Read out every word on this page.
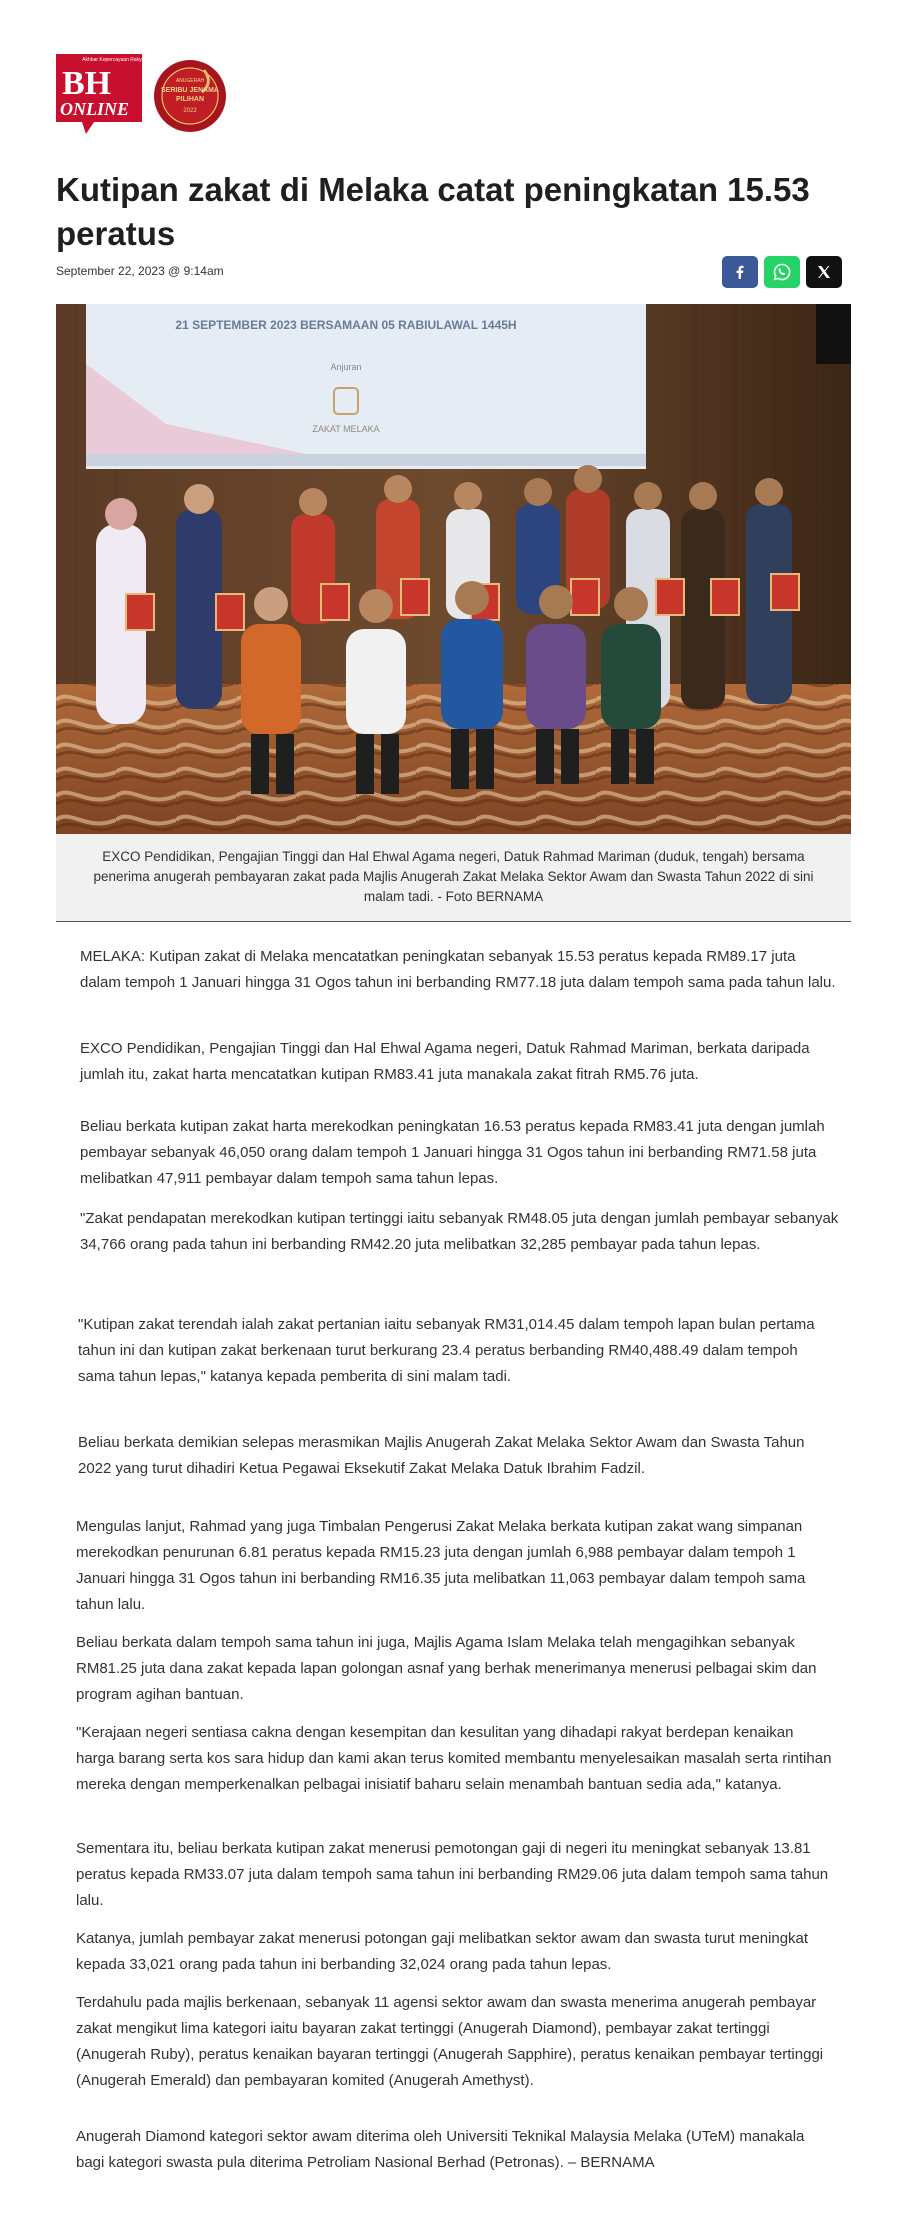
Akhbar Kepercayaan Rakyat
BH
ONLINE
ANUGERAH
SERIBU JENAMA
PILIHAN
2022
Kutipan zakat di Melaka catat peningkatan 15.53 peratus
September 22, 2023 @ 9:14am
21 SEPTEMBER 2023 BERSAMAAN 05 RABIULAWAL 1445H
Anjuran
ZAKAT MELAKA
EXCO Pendidikan, Pengajian Tinggi dan Hal Ehwal Agama negeri, Datuk Rahmad Mariman (duduk, tengah) bersama penerima anugerah pembayaran zakat pada Majlis Anugerah Zakat Melaka Sektor Awam dan Swasta Tahun 2022 di sini malam tadi. - Foto BERNAMA

MELAKA: Kutipan zakat di Melaka mencatatkan peningkatan sebanyak 15.53 peratus kepada RM89.17 juta dalam tempoh 1 Januari hingga 31 Ogos tahun ini berbanding RM77.18 juta dalam tempoh sama pada tahun lalu.

EXCO Pendidikan, Pengajian Tinggi dan Hal Ehwal Agama negeri, Datuk Rahmad Mariman, berkata daripada jumlah itu, zakat harta mencatatkan kutipan RM83.41 juta manakala zakat fitrah RM5.76 juta.

Beliau berkata kutipan zakat harta merekodkan peningkatan 16.53 peratus kepada RM83.41 juta dengan jumlah pembayar sebanyak 46,050 orang dalam tempoh 1 Januari hingga 31 Ogos tahun ini berbanding RM71.58 juta melibatkan 47,911 pembayar dalam tempoh sama tahun lepas.

"Zakat pendapatan merekodkan kutipan tertinggi iaitu sebanyak RM48.05 juta dengan jumlah pembayar sebanyak 34,766 orang pada tahun ini berbanding RM42.20 juta melibatkan 32,285 pembayar pada tahun lepas.

"Kutipan zakat terendah ialah zakat pertanian iaitu sebanyak RM31,014.45 dalam tempoh lapan bulan pertama tahun ini dan kutipan zakat berkenaan turut berkurang 23.4 peratus berbanding RM40,488.49 dalam tempoh sama tahun lepas," katanya kepada pemberita di sini malam tadi.

Beliau berkata demikian selepas merasmikan Majlis Anugerah Zakat Melaka Sektor Awam dan Swasta Tahun 2022 yang turut dihadiri Ketua Pegawai Eksekutif Zakat Melaka Datuk Ibrahim Fadzil.

Mengulas lanjut, Rahmad yang juga Timbalan Pengerusi Zakat Melaka berkata kutipan zakat wang simpanan merekodkan penurunan 6.81 peratus kepada RM15.23 juta dengan jumlah 6,988 pembayar dalam tempoh 1 Januari hingga 31 Ogos tahun ini berbanding RM16.35 juta melibatkan 11,063 pembayar dalam tempoh sama tahun lalu.

Beliau berkata dalam tempoh sama tahun ini juga, Majlis Agama Islam Melaka telah mengagihkan sebanyak RM81.25 juta dana zakat kepada lapan golongan asnaf yang berhak menerimanya menerusi pelbagai skim dan program agihan bantuan.

"Kerajaan negeri sentiasa cakna dengan kesempitan dan kesulitan yang dihadapi rakyat berdepan kenaikan harga barang serta kos sara hidup dan kami akan terus komited membantu menyelesaikan masalah serta rintihan mereka dengan memperkenalkan pelbagai inisiatif baharu selain menambah bantuan sedia ada," katanya.

Sementara itu, beliau berkata kutipan zakat menerusi pemotongan gaji di negeri itu meningkat sebanyak 13.81 peratus kepada RM33.07 juta dalam tempoh sama tahun ini berbanding RM29.06 juta dalam tempoh sama tahun lalu.

Katanya, jumlah pembayar zakat menerusi potongan gaji melibatkan sektor awam dan swasta turut meningkat kepada 33,021 orang pada tahun ini berbanding 32,024 orang pada tahun lepas.

Terdahulu pada majlis berkenaan, sebanyak 11 agensi sektor awam dan swasta menerima anugerah pembayar zakat mengikut lima kategori iaitu bayaran zakat tertinggi (Anugerah Diamond), pembayar zakat tertinggi (Anugerah Ruby), peratus kenaikan bayaran tertinggi (Anugerah Sapphire), peratus kenaikan pembayar tertinggi (Anugerah Emerald) dan pembayaran komited (Anugerah Amethyst).

Anugerah Diamond kategori sektor awam diterima oleh Universiti Teknikal Malaysia Melaka (UTeM) manakala bagi kategori swasta pula diterima Petroliam Nasional Berhad (Petronas). – BERNAMA
